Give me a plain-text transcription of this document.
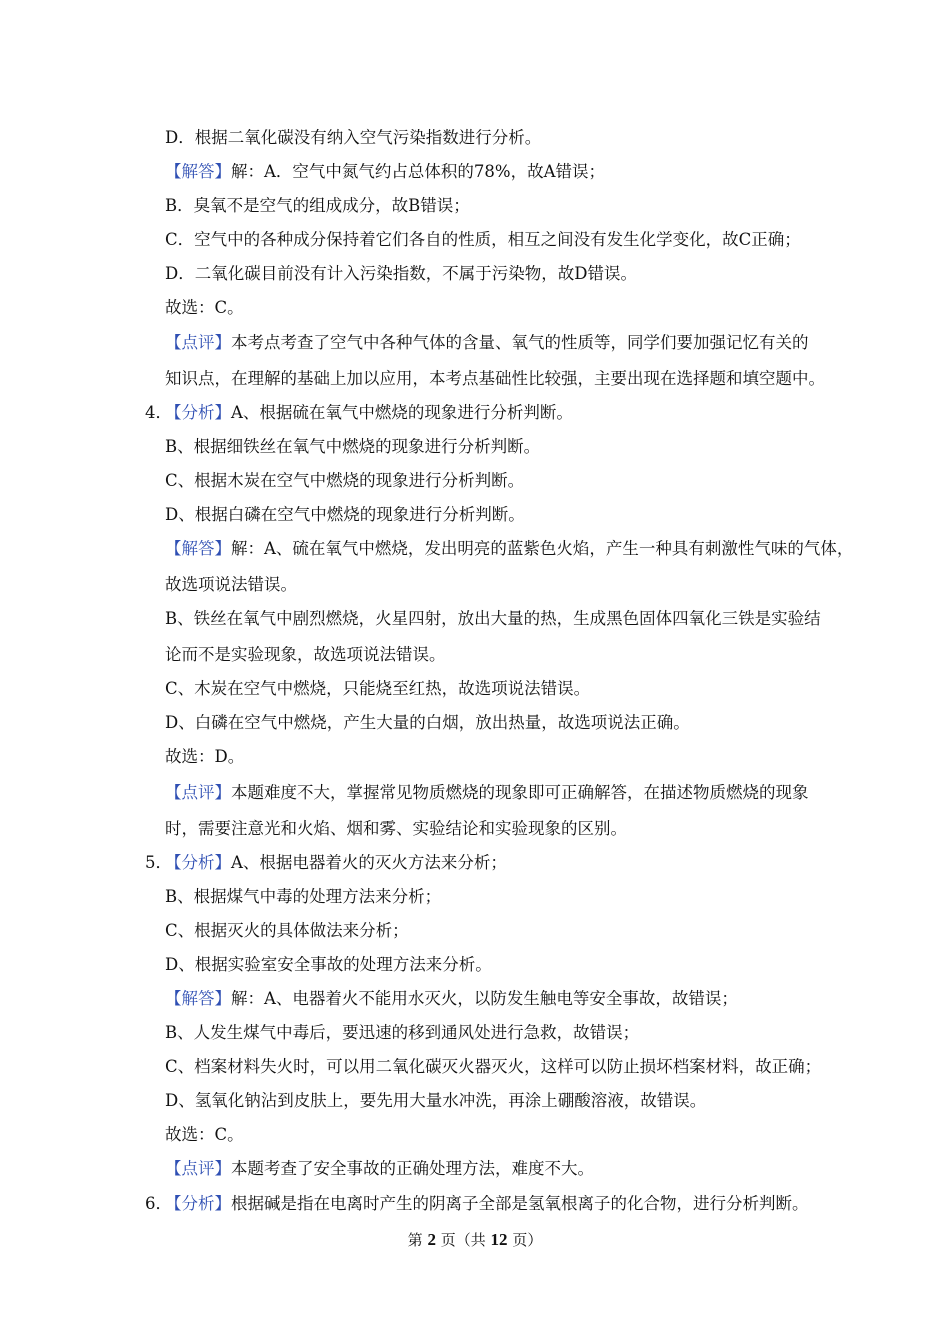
D．根据二氧化碳没有纳入空气污染指数进行分析。
【解答】解：A．空气中氮气约占总体积的78%，故A错误；
B．臭氧不是空气的组成成分，故B错误；
C．空气中的各种成分保持着它们各自的性质，相互之间没有发生化学变化，故C正确；
D．二氧化碳目前没有计入污染指数，不属于污染物，故D错误。
故选：C。
【点评】本考点考查了空气中各种气体的含量、氧气的性质等，同学们要加强记忆有关的
知识点，在理解的基础上加以应用，本考点基础性比较强，主要出现在选择题和填空题中。
4．【分析】A、根据硫在氧气中燃烧的现象进行分析判断。
B、根据细铁丝在氧气中燃烧的现象进行分析判断。
C、根据木炭在空气中燃烧的现象进行分析判断。
D、根据白磷在空气中燃烧的现象进行分析判断。
【解答】解：A、硫在氧气中燃烧，发出明亮的蓝紫色火焰，产生一种具有刺激性气味的气体，
故选项说法错误。
B、铁丝在氧气中剧烈燃烧，火星四射，放出大量的热，生成黑色固体四氧化三铁是实验结
论而不是实验现象，故选项说法错误。
C、木炭在空气中燃烧，只能烧至红热，故选项说法错误。
D、白磷在空气中燃烧，产生大量的白烟，放出热量，故选项说法正确。
故选：D。
【点评】本题难度不大，掌握常见物质燃烧的现象即可正确解答，在描述物质燃烧的现象
时，需要注意光和火焰、烟和雾、实验结论和实验现象的区别。
5．【分析】A、根据电器着火的灭火方法来分析；
B、根据煤气中毒的处理方法来分析；
C、根据灭火的具体做法来分析；
D、根据实验室安全事故的处理方法来分析。
【解答】解：A、电器着火不能用水灭火，以防发生触电等安全事故，故错误；
B、人发生煤气中毒后，要迅速的移到通风处进行急救，故错误；
C、档案材料失火时，可以用二氧化碳灭火器灭火，这样可以防止损坏档案材料，故正确；
D、氢氧化钠沾到皮肤上，要先用大量水冲洗，再涂上硼酸溶液，故错误。
故选：C。
【点评】本题考查了安全事故的正确处理方法，难度不大。
6．【分析】根据碱是指在电离时产生的阴离子全部是氢氧根离子的化合物，进行分析判断。
第 2 页（共 12 页）
